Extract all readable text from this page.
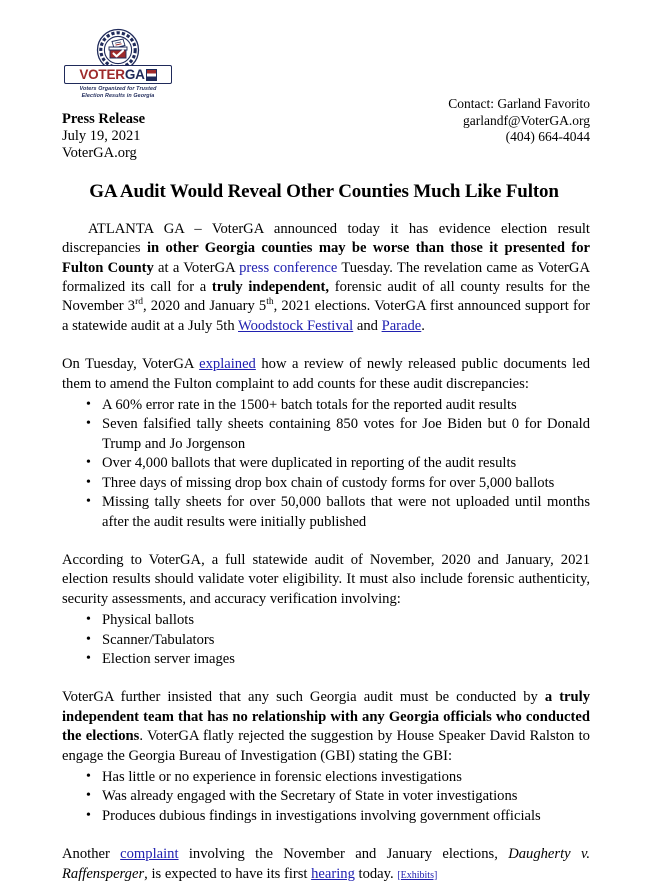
VOTER GA
Voters Organized for Trusted
Election Results in Georgia
Press Release
July 19, 2021
VoterGA.org
Contact: Garland Favorito
garlandf@VoterGA.org
(404) 664-4044
GA Audit Would Reveal Other Counties Much Like Fulton

ATLANTA GA – VoterGA announced today it has evidence election result discrepancies in other Georgia counties may be worse than those it presented for Fulton County at a VoterGA press conference Tuesday. The revelation came as VoterGA formalized its call for a truly independent, forensic audit of all county results for the November 3rd, 2020 and January 5th, 2021 elections. VoterGA first announced support for a statewide audit at a July 5th Woodstock Festival and Parade.

On Tuesday, VoterGA explained how a review of newly released public documents led them to amend the Fulton complaint to add counts for these audit discrepancies:

• A 60% error rate in the 1500+ batch totals for the reported audit results
• Seven falsified tally sheets containing 850 votes for Joe Biden but 0 for Donald Trump and Jo Jorgenson
• Over 4,000 ballots that were duplicated in reporting of the audit results
• Three days of missing drop box chain of custody forms for over 5,000 ballots
• Missing tally sheets for over 50,000 ballots that were not uploaded until months after the audit results were initially published

According to VoterGA, a full statewide audit of November, 2020 and January, 2021 election results should validate voter eligibility. It must also include forensic authenticity, security assessments, and accuracy verification involving:

• Physical ballots
• Scanner/Tabulators
• Election server images

VoterGA further insisted that any such Georgia audit must be conducted by a truly independent team that has no relationship with any Georgia officials who conducted the elections. VoterGA flatly rejected the suggestion by House Speaker David Ralston to engage the Georgia Bureau of Investigation (GBI) stating the GBI:

• Has little or no experience in forensic elections investigations
• Was already engaged with the Secretary of State in voter investigations
• Produces dubious findings in investigations involving government officials

Another complaint involving the November and January elections, Daugherty v. Raffensperger, is expected to have its first hearing today. [Exhibits]
